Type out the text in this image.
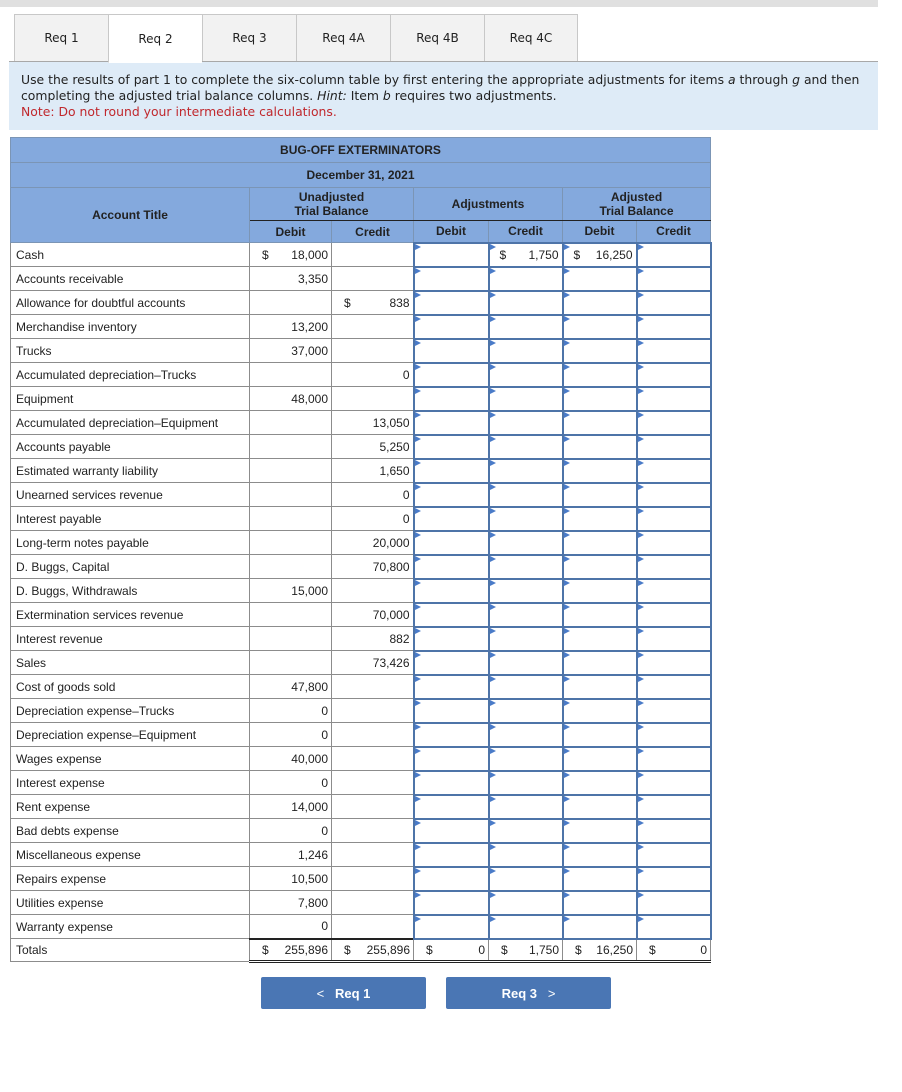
Req 1	Req 2	Req 3	Req 4A	Req 4B	Req 4C
Use the results of part 1 to complete the six-column table by first entering the appropriate adjustments for items a through g and then completing the adjusted trial balance columns. Hint: Item b requires two adjustments.
Note: Do not round your intermediate calculations.
BUG-OFF EXTERMINATORS						
December 31, 2021						
Account Title	Unadjusted
Trial Balance		Adjustments		Adjusted
Trial Balance	
	Debit	Credit	Debit	Credit	Debit	Credit
Cash	$ 18,000			$ 1,750	$ 16,250	
Accounts receivable	3,350	

Allowance for doubtful accounts		$ 838		

Merchandise inventory	13,200	

Trucks	37,000	

Accumulated depreciation–Trucks		0		

Equipment	48,000	

Accumulated depreciation–Equipment		13,050		

Accounts payable		5,250		

Estimated warranty liability		1,650		

Unearned services revenue		0		

Interest payable		0		

Long-term notes payable		20,000		

D. Buggs, Capital		70,800		

D. Buggs, Withdrawals	15,000	

Extermination services revenue		70,000		

Interest revenue		882		

Sales		73,426		

Cost of goods sold	47,800	

Depreciation expense–Trucks	0	

Depreciation expense–Equipment	0	

Wages expense	40,000	

Interest expense	0	

Rent expense	14,000	

Bad debts expense	0	

Miscellaneous expense	1,246	

Repairs expense	10,500	

Utilities expense	7,800	

Warranty expense	0	

Totals	$ 255,896	$ 255,896	$ 0	$ 1,750	$ 16,250	$ 0
<
Req 1	Req 3
>
